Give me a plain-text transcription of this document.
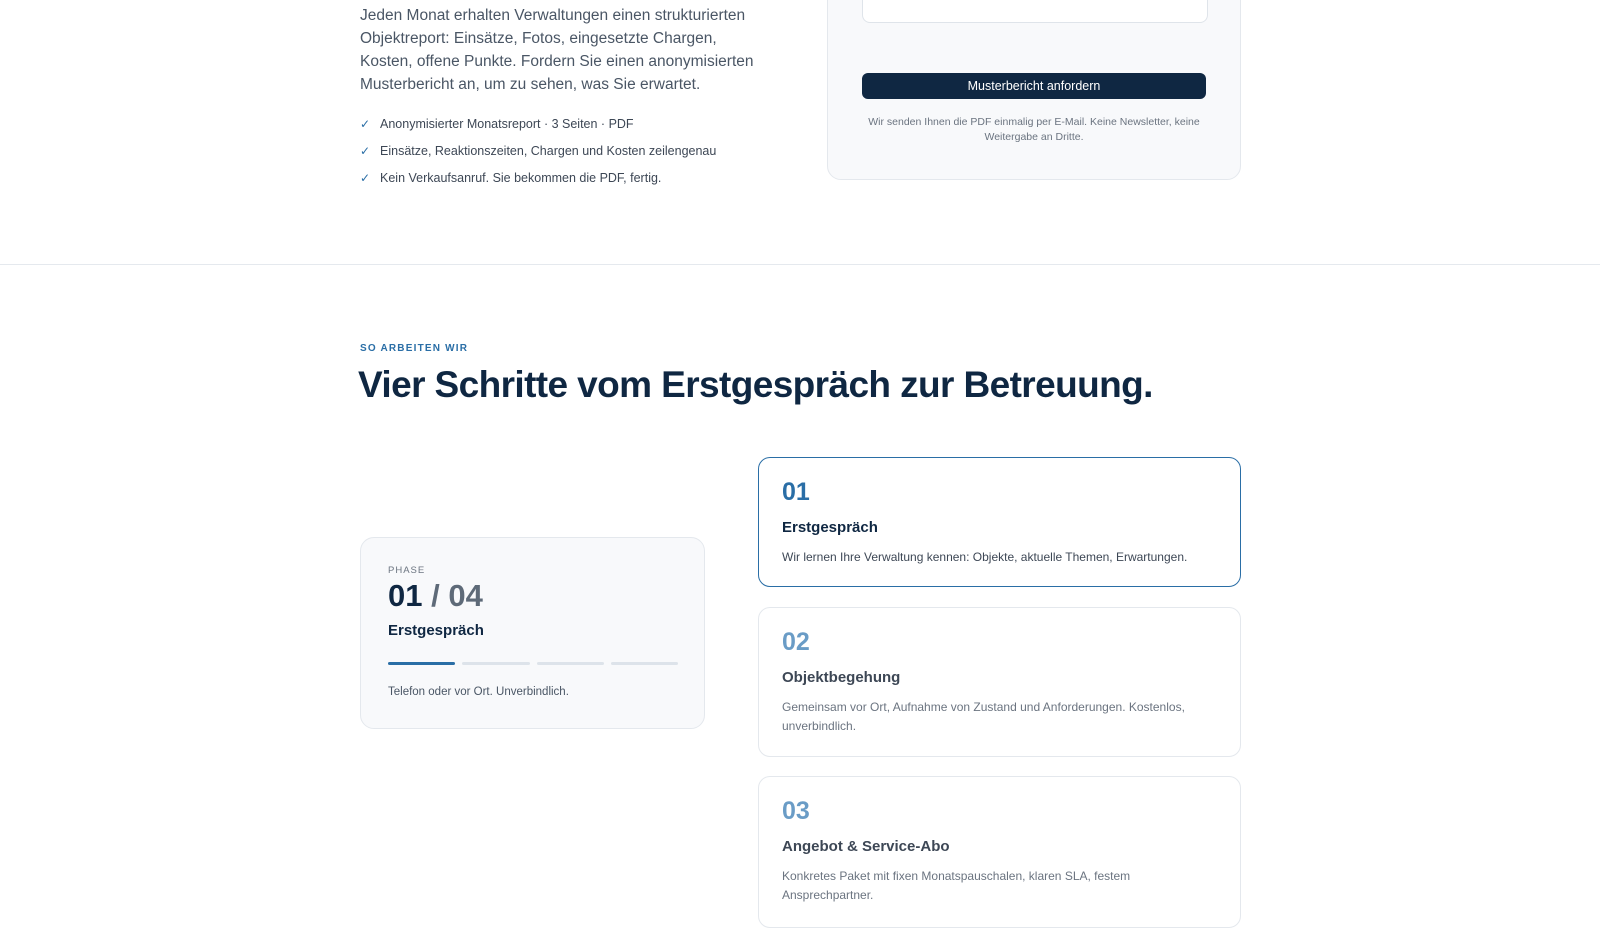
Jeden Monat erhalten Verwaltungen einen strukturierten Objektreport: Einsätze, Fotos, eingesetzte Chargen, Kosten, offene Punkte. Fordern Sie einen anonymisierten Musterbericht an, um zu sehen, was Sie erwartet.

✓ Anonymisierter Monatsreport · 3 Seiten · PDF
✓ Einsätze, Reaktionszeiten, Chargen und Kosten zeilengenau
✓ Kein Verkaufsanruf. Sie bekommen die PDF, fertig.
Musterbericht anfordern
Wir senden Ihnen die PDF einmalig per E-Mail. Keine Newsletter, keine Weitergabe an Dritte.
SO ARBEITEN WIR
Vier Schritte vom Erstgespräch zur Betreuung.
PHASE
01 / 04
Erstgespräch
Telefon oder vor Ort. Unverbindlich.
01
Erstgespräch
Wir lernen Ihre Verwaltung kennen: Objekte, aktuelle Themen, Erwartungen.
02
Objektbegehung
Gemeinsam vor Ort, Aufnahme von Zustand und Anforderungen. Kostenlos, unverbindlich.
03
Angebot & Service-Abo
Konkretes Paket mit fixen Monatspauschalen, klaren SLA, festem Ansprechpartner.
